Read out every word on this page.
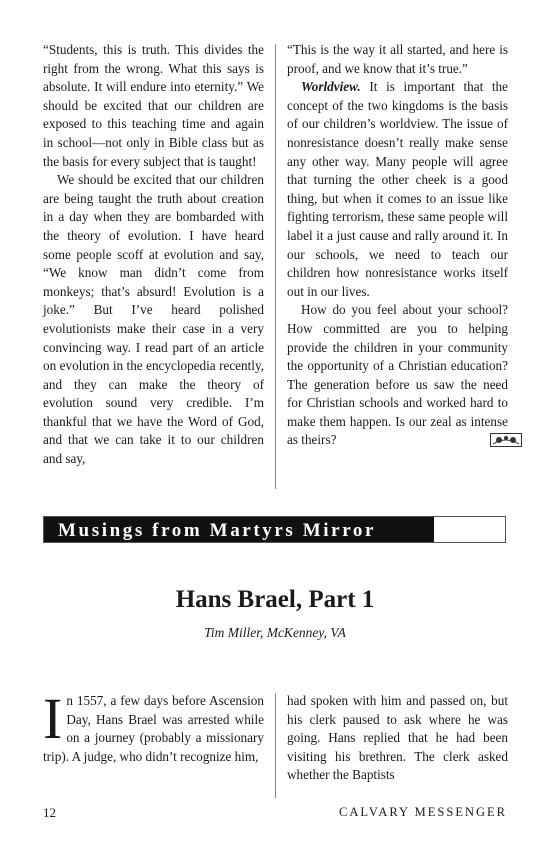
“Students, this is truth. This divides the right from the wrong. What this says is absolute. It will endure into eternity.” We should be excited that our children are exposed to this teaching time and again in school—not only in Bible class but as the basis for every subject that is taught!

We should be excited that our children are being taught the truth about creation in a day when they are bombarded with the theory of evolution. I have heard some people scoff at evolution and say, “We know man didn’t come from monkeys; that’s absurd! Evolution is a joke.” But I’ve heard polished evolutionists make their case in a very convincing way. I read part of an article on evolution in the encyclopedia recently, and they can make the theory of evolution sound very credible. I’m thankful that we have the Word of God, and that we can take it to our children and say,

“This is the way it all started, and here is proof, and we know that it’s true.”

Worldview. It is important that the concept of the two kingdoms is the basis of our children’s worldview. The issue of nonresistance doesn’t really make sense any other way. Many people will agree that turning the other cheek is a good thing, but when it comes to an issue like fighting terrorism, these same people will label it a just cause and rally around it. In our schools, we need to teach our children how nonresistance works itself out in our lives.

How do you feel about your school? How committed are you to helping provide the children in your community the opportunity of a Christian education? The generation before us saw the need for Christian schools and worked hard to make them happen. Is our zeal as intense as theirs?

Musings from Martyrs Mirror
Hans Brael, Part 1
Tim Miller, McKenney, VA

In 1557, a few days before Ascension Day, Hans Brael was arrested while on a journey (probably a missionary trip). A judge, who didn’t recognize him,

had spoken with him and passed on, but his clerk paused to ask where he was going. Hans replied that he had been visiting his brethren. The clerk asked whether the Baptists

12	CALVARY MESSENGER
